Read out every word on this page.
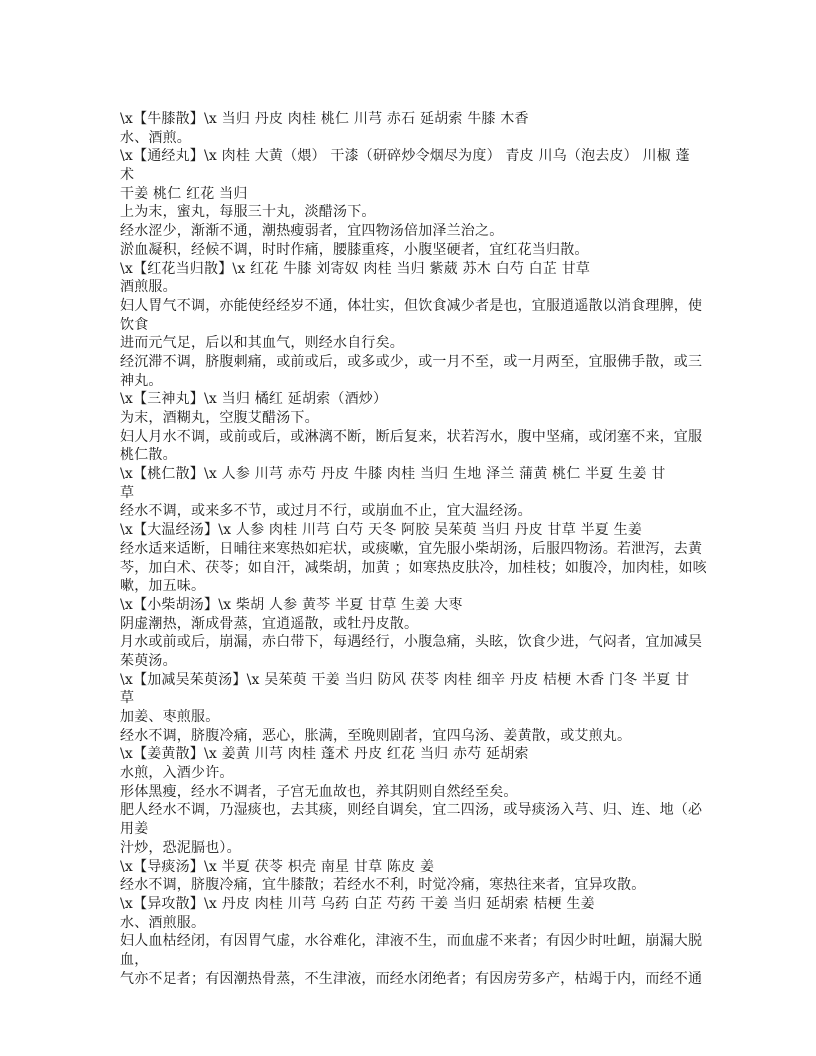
\x【牛膝散】\x 当归 丹皮 肉桂 桃仁 川芎 赤石 延胡索 牛膝 木香
水、酒煎。
\x【通经丸】\x 肉桂 大黄（煨） 干漆（研碎炒令烟尽为度） 青皮 川乌（泡去皮） 川椒 蓬
术
干姜 桃仁 红花 当归
上为末，蜜丸，每服三十丸，淡醋汤下。
经水涩少，渐渐不通，潮热瘦弱者，宜四物汤倍加泽兰治之。
淤血凝积，经候不调，时时作痛，腰膝重疼，小腹坚硬者，宜红花当归散。
\x【红花当归散】\x 红花 牛膝 刘寄奴 肉桂 当归 紫葳 苏木 白芍 白芷 甘草
酒煎服。
妇人胃气不调，亦能使经经岁不通，体壮实，但饮食减少者是也，宜服逍遥散以消食理脾，使
饮食
进而元气足，后以和其血气，则经水自行矣。
经沉滞不调，脐腹刺痛，或前或后，或多或少，或一月不至，或一月两至，宜服佛手散，或三
神丸。
\x【三神丸】\x 当归 橘红 延胡索（酒炒）
为末，酒糊丸，空腹艾醋汤下。
妇人月水不调，或前或后，或淋漓不断，断后复来，状若泻水，腹中坚痛，或闭塞不来，宜服
桃仁散。
\x【桃仁散】\x 人参 川芎 赤芍 丹皮 牛膝 肉桂 当归 生地 泽兰 蒲黄 桃仁 半夏 生姜 甘
草
经水不调，或来多不节，或过月不行，或崩血不止，宜大温经汤。
\x【大温经汤】\x 人参 肉桂 川芎 白芍 天冬 阿胶 吴茱萸 当归 丹皮 甘草 半夏 生姜
经水适来适断，日晡往来寒热如疟状，或痰嗽，宜先服小柴胡汤，后服四物汤。若泄泻，去黄
芩，加白术、茯苓；如自汗，减柴胡，加黄 ；如寒热皮肤冷，加桂枝；如腹冷，加肉桂，如咳
嗽，加五味。
\x【小柴胡汤】\x 柴胡 人参 黄芩 半夏 甘草 生姜 大枣
阴虚潮热，渐成骨蒸，宜逍遥散，或牡丹皮散。
月水或前或后，崩漏，赤白带下，每遇经行，小腹急痛，头眩，饮食少进，气闷者，宜加减吴
茱萸汤。
\x【加减吴茱萸汤】\x 吴茱萸 干姜 当归 防风 茯苓 肉桂 细辛 丹皮 桔梗 木香 门冬 半夏 甘
草
加姜、枣煎服。
经水不调，脐腹冷痛，恶心，胀满，至晚则剧者，宜四乌汤、姜黄散，或艾煎丸。
\x【姜黄散】\x 姜黄 川芎 肉桂 蓬术 丹皮 红花 当归 赤芍 延胡索
水煎，入酒少许。
形体黑瘦，经水不调者，子宫无血故也，养其阴则自然经至矣。
肥人经水不调，乃湿痰也，去其痰，则经自调矣，宜二四汤，或导痰汤入芎、归、连、地（必
用姜
汁炒，恐泥膈也）。
\x【导痰汤】\x 半夏 茯苓 枳壳 南星 甘草 陈皮 姜
经水不调，脐腹冷痛，宜牛膝散；若经水不利，时觉冷痛，寒热往来者，宜异攻散。
\x【异攻散】\x 丹皮 肉桂 川芎 乌药 白芷 芍药 干姜 当归 延胡索 桔梗 生姜
水、酒煎服。
妇人血枯经闭，有因胃气虚，水谷难化，津液不生，而血虚不来者；有因少时吐衄，崩漏大脱
血，
气亦不足者；有因潮热骨蒸，不生津液，而经水闭绝者；有因房劳多产，枯竭于内，而经不通
